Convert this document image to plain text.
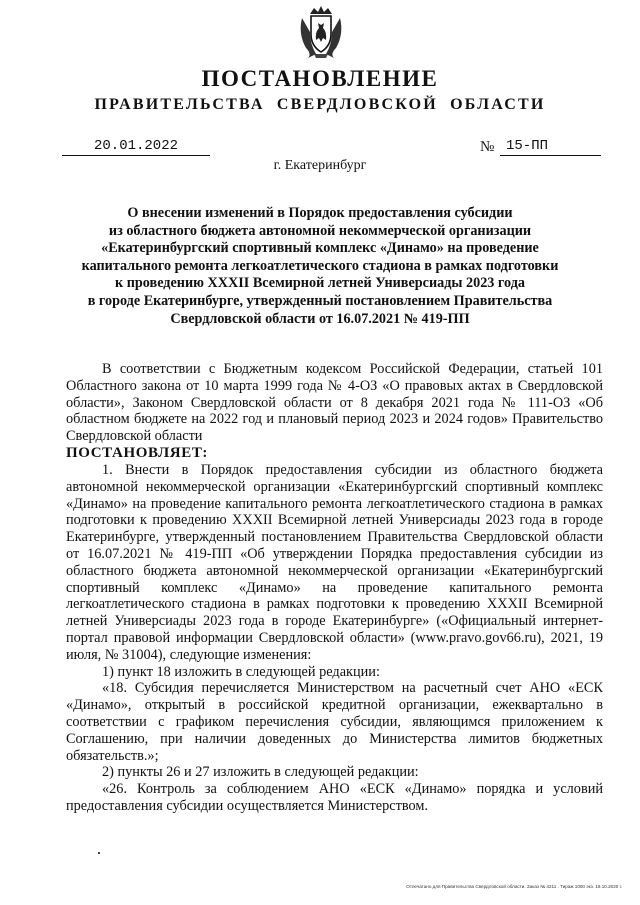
ПОСТАНОВЛЕНИЕ
ПРАВИТЕЛЬСТВА СВЕРДЛОВСКОЙ ОБЛАСТИ
20.01.2022	№ 15-ПП
г. Екатеринбург
О внесении изменений в Порядок предоставления субсидии
из областного бюджета автономной некоммерческой организации
«Екатеринбургский спортивный комплекс «Динамо» на проведение
капитального ремонта легкоатлетического стадиона в рамках подготовки
к проведению XXXII Всемирной летней Универсиады 2023 года
в городе Екатеринбурге, утвержденный постановлением Правительства
Свердловской области от 16.07.2021 № 419-ПП

В соответствии с Бюджетным кодексом Российской Федерации, статьей 101 Областного закона от 10 марта 1999 года № 4-ОЗ «О правовых актах в Свердловской области», Законом Свердловской области от 8 декабря 2021 года № 111-ОЗ «Об областном бюджете на 2022 год и плановый период 2023 и 2024 годов» Правительство Свердловской области

ПОСТАНОВЛЯЕТ:

1. Внести в Порядок предоставления субсидии из областного бюджета автономной некоммерческой организации «Екатеринбургский спортивный комплекс «Динамо» на проведение капитального ремонта легкоатлетического стадиона в рамках подготовки к проведению XXXII Всемирной летней Универсиады 2023 года в городе Екатеринбурге, утвержденный постановлением Правительства Свердловской области от 16.07.2021 № 419-ПП «Об утверждении Порядка предоставления субсидии из областного бюджета автономной некоммерческой организации «Екатеринбургский спортивный комплекс «Динамо» на проведение капитального ремонта легкоатлетического стадиона в рамках подготовки к проведению XXXII Всемирной летней Универсиады 2023 года в городе Екатеринбурге» («Официальный интернет-портал правовой информации Свердловской области» (www.pravo.gov66.ru), 2021, 19 июля, № 31004), следующие изменения:

1) пункт 18 изложить в следующей редакции:

«18. Субсидия перечисляется Министерством на расчетный счет АНО «ЕСК «Динамо», открытый в российской кредитной организации, ежеквартально в соответствии с графиком перечисления субсидии, являющимся приложением к Соглашению, при наличии доведенных до Министерства лимитов бюджетных обязательств.»;

2) пункты 26 и 27 изложить в следующей редакции:

«26. Контроль за соблюдением АНО «ЕСК «Динамо» порядка и условий предоставления субсидии осуществляется Министерством.

Отпечатано для Правительства Свердловской области. Заказ № 4211 . Тираж 1000 экз. 18.10.2020 г.
